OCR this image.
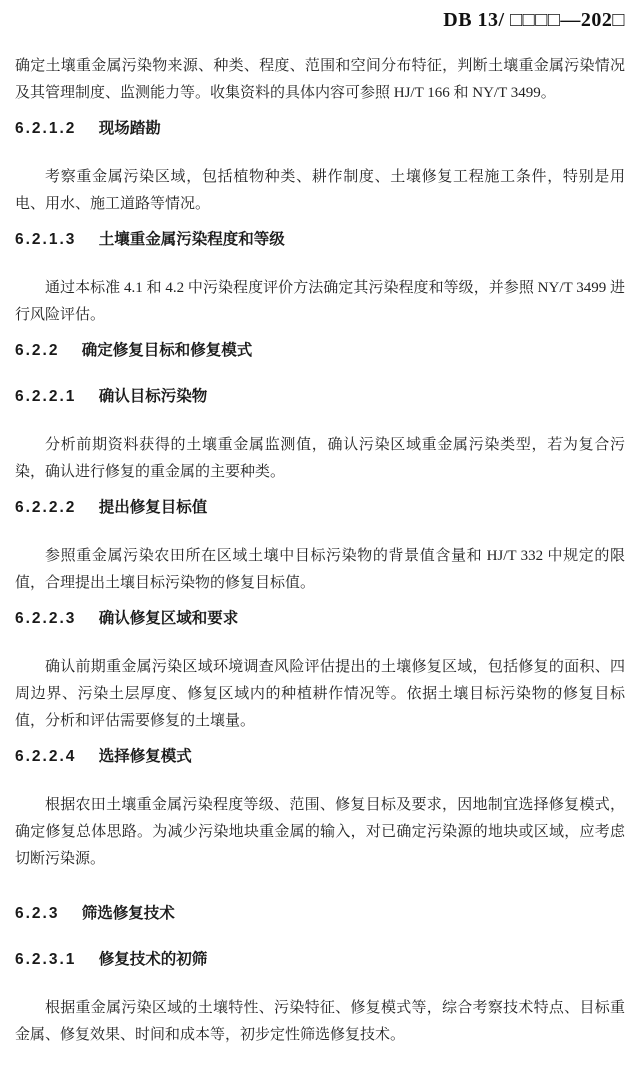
DB 13/ □□□□—202□

确定土壤重金属污染物来源、种类、程度、范围和空间分布特征，判断土壤重金属污染情况及其管理制度、监测能力等。收集资料的具体内容可参照 HJ/T 166 和 NY/T 3499。

6.2.1.2 现场踏勘

考察重金属污染区域，包括植物种类、耕作制度、土壤修复工程施工条件，特别是用电、用水、施工道路等情况。

6.2.1.3 土壤重金属污染程度和等级

通过本标准 4.1 和 4.2 中污染程度评价方法确定其污染程度和等级，并参照 NY/T 3499 进行风险评估。

6.2.2 确定修复目标和修复模式
6.2.2.1 确认目标污染物

分析前期资料获得的土壤重金属监测值，确认污染区域重金属污染类型，若为复合污染，确认进行修复的重金属的主要种类。

6.2.2.2 提出修复目标值

参照重金属污染农田所在区域土壤中目标污染物的背景值含量和 HJ/T 332 中规定的限值，合理提出土壤目标污染物的修复目标值。

6.2.2.3 确认修复区域和要求

确认前期重金属污染区域环境调查风险评估提出的土壤修复区域，包括修复的面积、四周边界、污染土层厚度、修复区域内的种植耕作情况等。依据土壤目标污染物的修复目标值，分析和评估需要修复的土壤量。

6.2.2.4 选择修复模式

根据农田土壤重金属污染程度等级、范围、修复目标及要求，因地制宜选择修复模式，确定修复总体思路。为减少污染地块重金属的输入，对已确定污染源的地块或区域，应考虑切断污染源。

6.2.3 筛选修复技术
6.2.3.1 修复技术的初筛

根据重金属污染区域的土壤特性、污染特征、修复模式等，综合考察技术特点、目标重金属、修复效果、时间和成本等，初步定性筛选修复技术。
